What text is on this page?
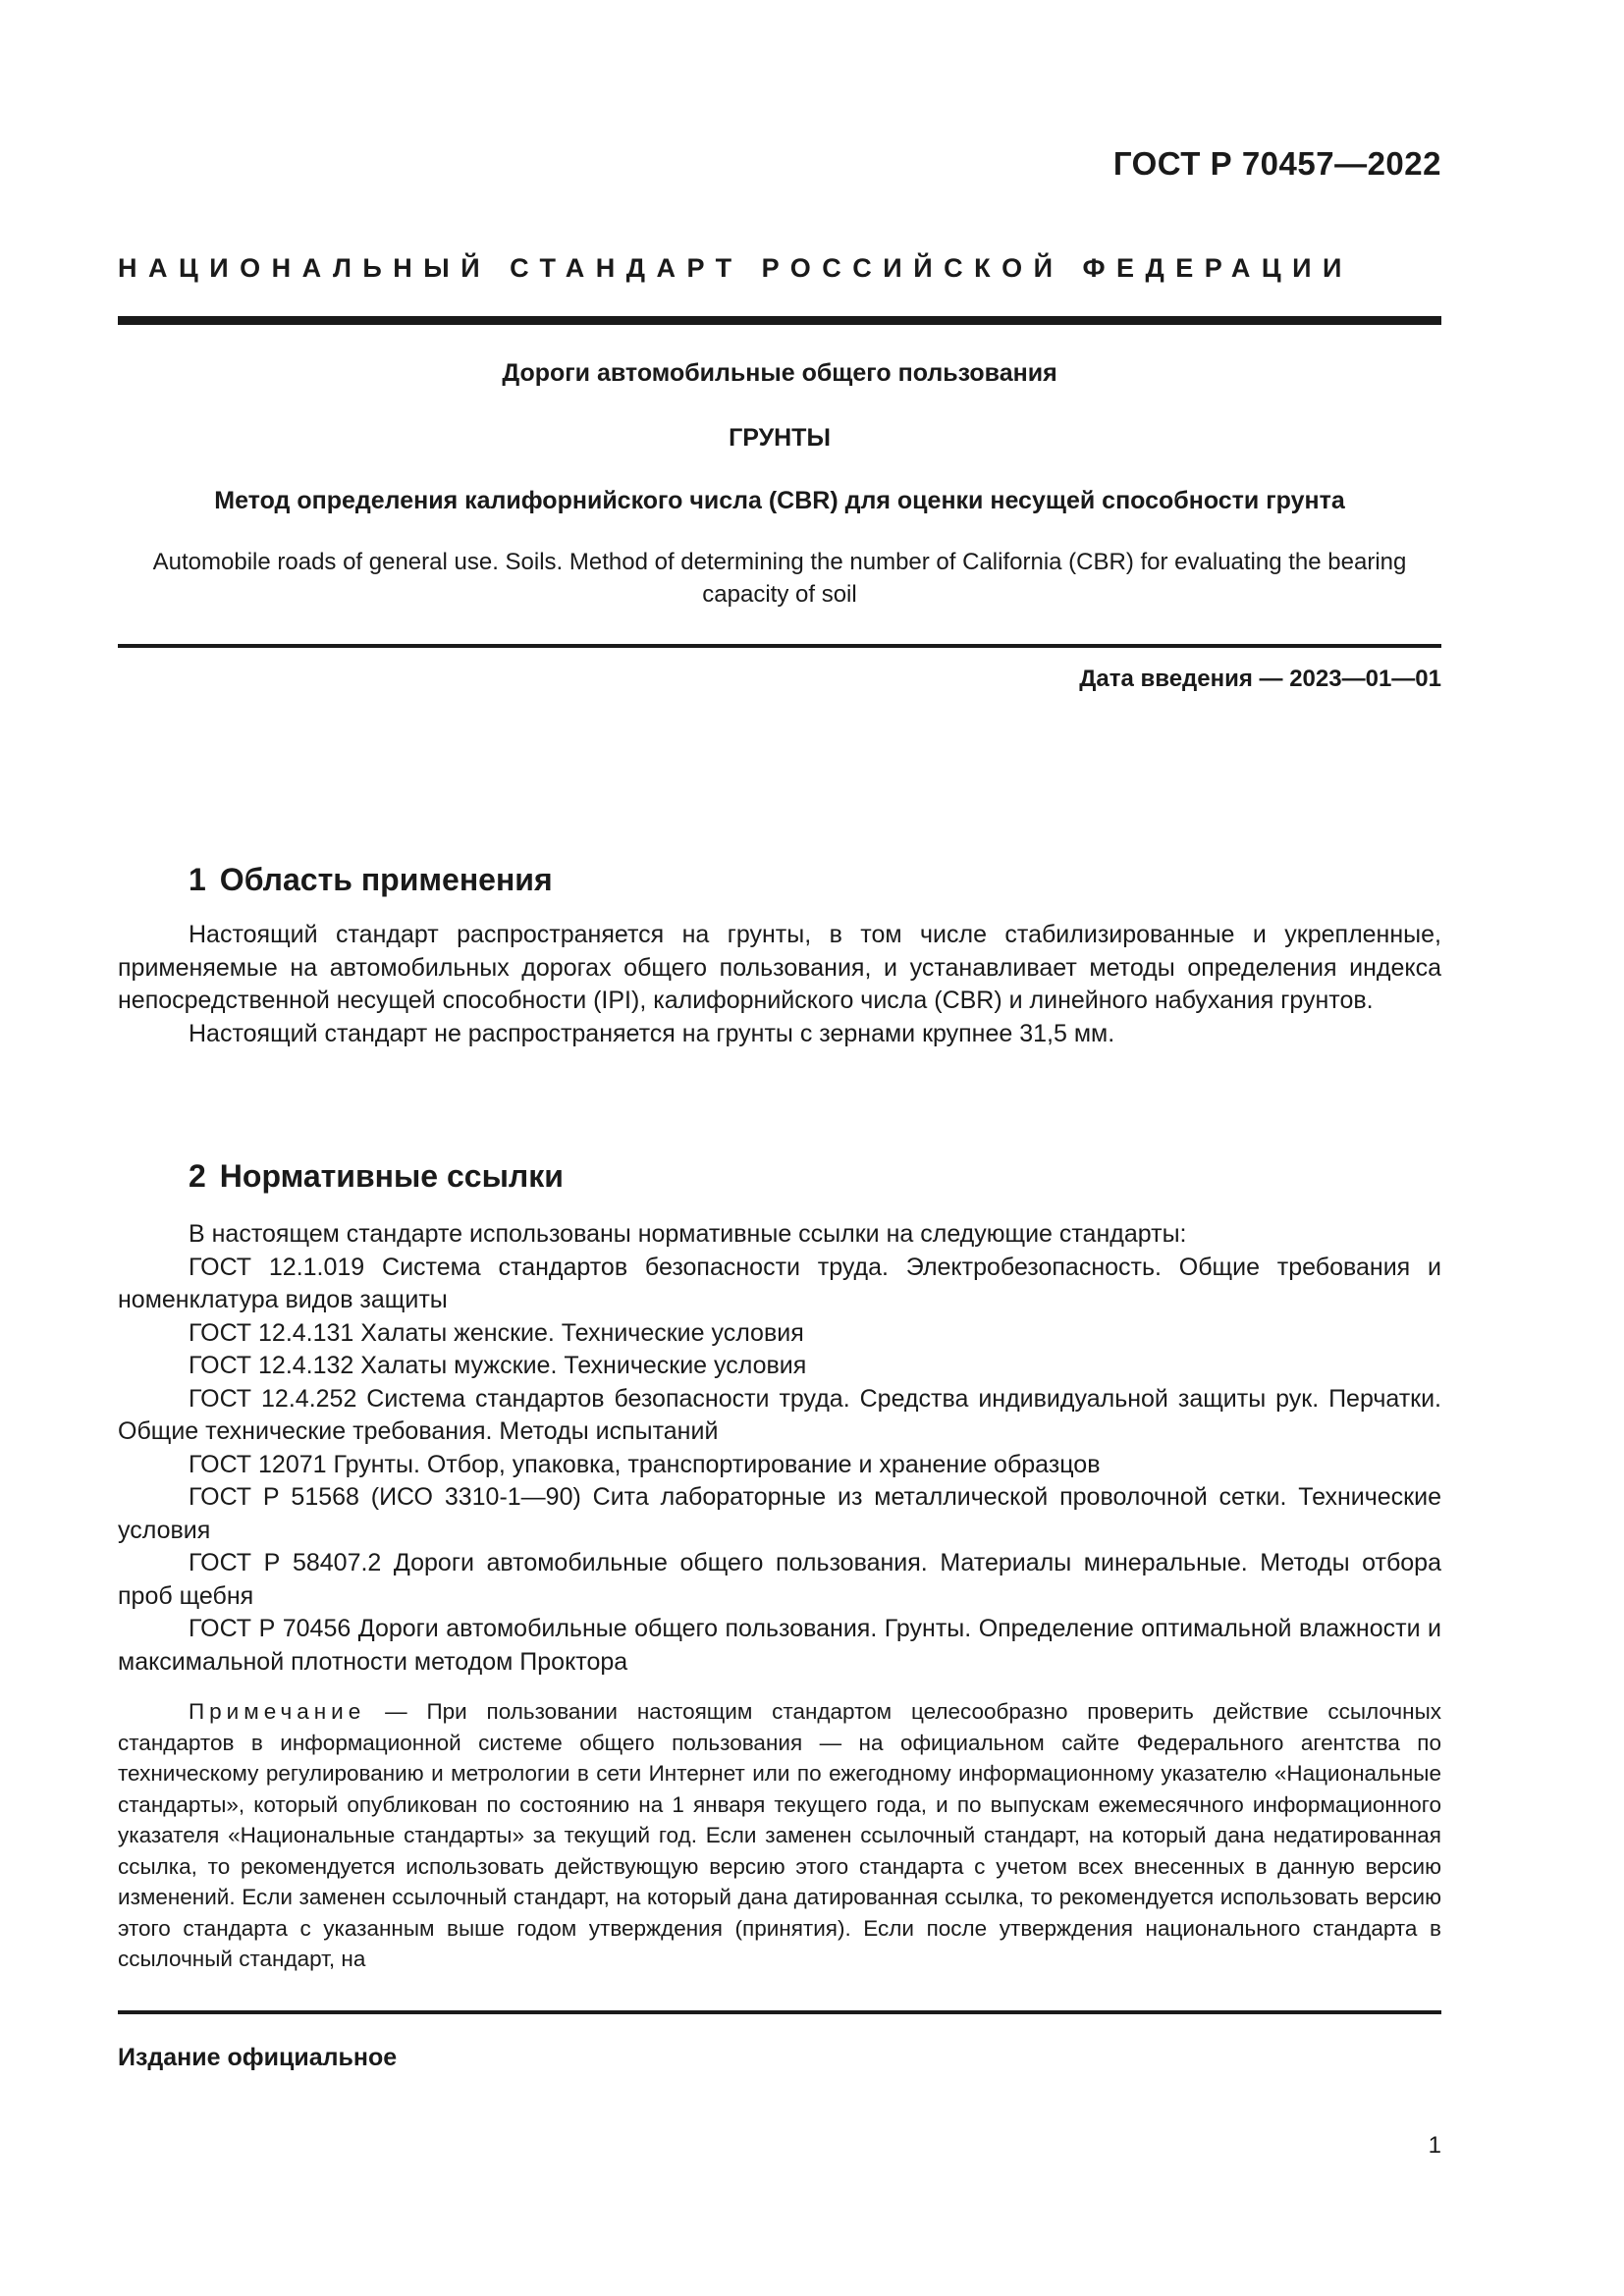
ГОСТ Р 70457—2022
НАЦИОНАЛЬНЫЙ СТАНДАРТ РОССИЙСКОЙ ФЕДЕРАЦИИ
Дороги автомобильные общего пользования
ГРУНТЫ
Метод определения калифорнийского числа (CBR) для оценки несущей способности грунта
Automobile roads of general use. Soils. Method of determining the number of California (CBR) for evaluating the bearing capacity of soil
Дата введения — 2023—01—01
1 Область применения

Настоящий стандарт распространяется на грунты, в том числе стабилизированные и укрепленные, применяемые на автомобильных дорогах общего пользования, и устанавливает методы определения индекса непосредственной несущей способности (IPI), калифорнийского числа (CBR) и линейного набухания грунтов.

Настоящий стандарт не распространяется на грунты с зернами крупнее 31,5 мм.

2 Нормативные ссылки

В настоящем стандарте использованы нормативные ссылки на следующие стандарты:

ГОСТ 12.1.019 Система стандартов безопасности труда. Электробезопасность. Общие требования и номенклатура видов защиты

ГОСТ 12.4.131 Халаты женские. Технические условия

ГОСТ 12.4.132 Халаты мужские. Технические условия

ГОСТ 12.4.252 Система стандартов безопасности труда. Средства индивидуальной защиты рук. Перчатки. Общие технические требования. Методы испытаний

ГОСТ 12071 Грунты. Отбор, упаковка, транспортирование и хранение образцов

ГОСТ Р 51568 (ИСО 3310-1—90) Сита лабораторные из металлической проволочной сетки. Технические условия

ГОСТ Р 58407.2 Дороги автомобильные общего пользования. Материалы минеральные. Методы отбора проб щебня

ГОСТ Р 70456 Дороги автомобильные общего пользования. Грунты. Определение оптимальной влажности и максимальной плотности методом Проктора

Примечание — При пользовании настоящим стандартом целесообразно проверить действие ссылочных стандартов в информационной системе общего пользования — на официальном сайте Федерального агентства по техническому регулированию и метрологии в сети Интернет или по ежегодному информационному указателю «Национальные стандарты», который опубликован по состоянию на 1 января текущего года, и по выпускам ежемесячного информационного указателя «Национальные стандарты» за текущий год. Если заменен ссылочный стандарт, на который дана недатированная ссылка, то рекомендуется использовать действующую версию этого стандарта с учетом всех внесенных в данную версию изменений. Если заменен ссылочный стандарт, на который дана датированная ссылка, то рекомендуется использовать версию этого стандарта с указанным выше годом утверждения (принятия). Если после утверждения национального стандарта в ссылочный стандарт, на

Издание официальное
1
